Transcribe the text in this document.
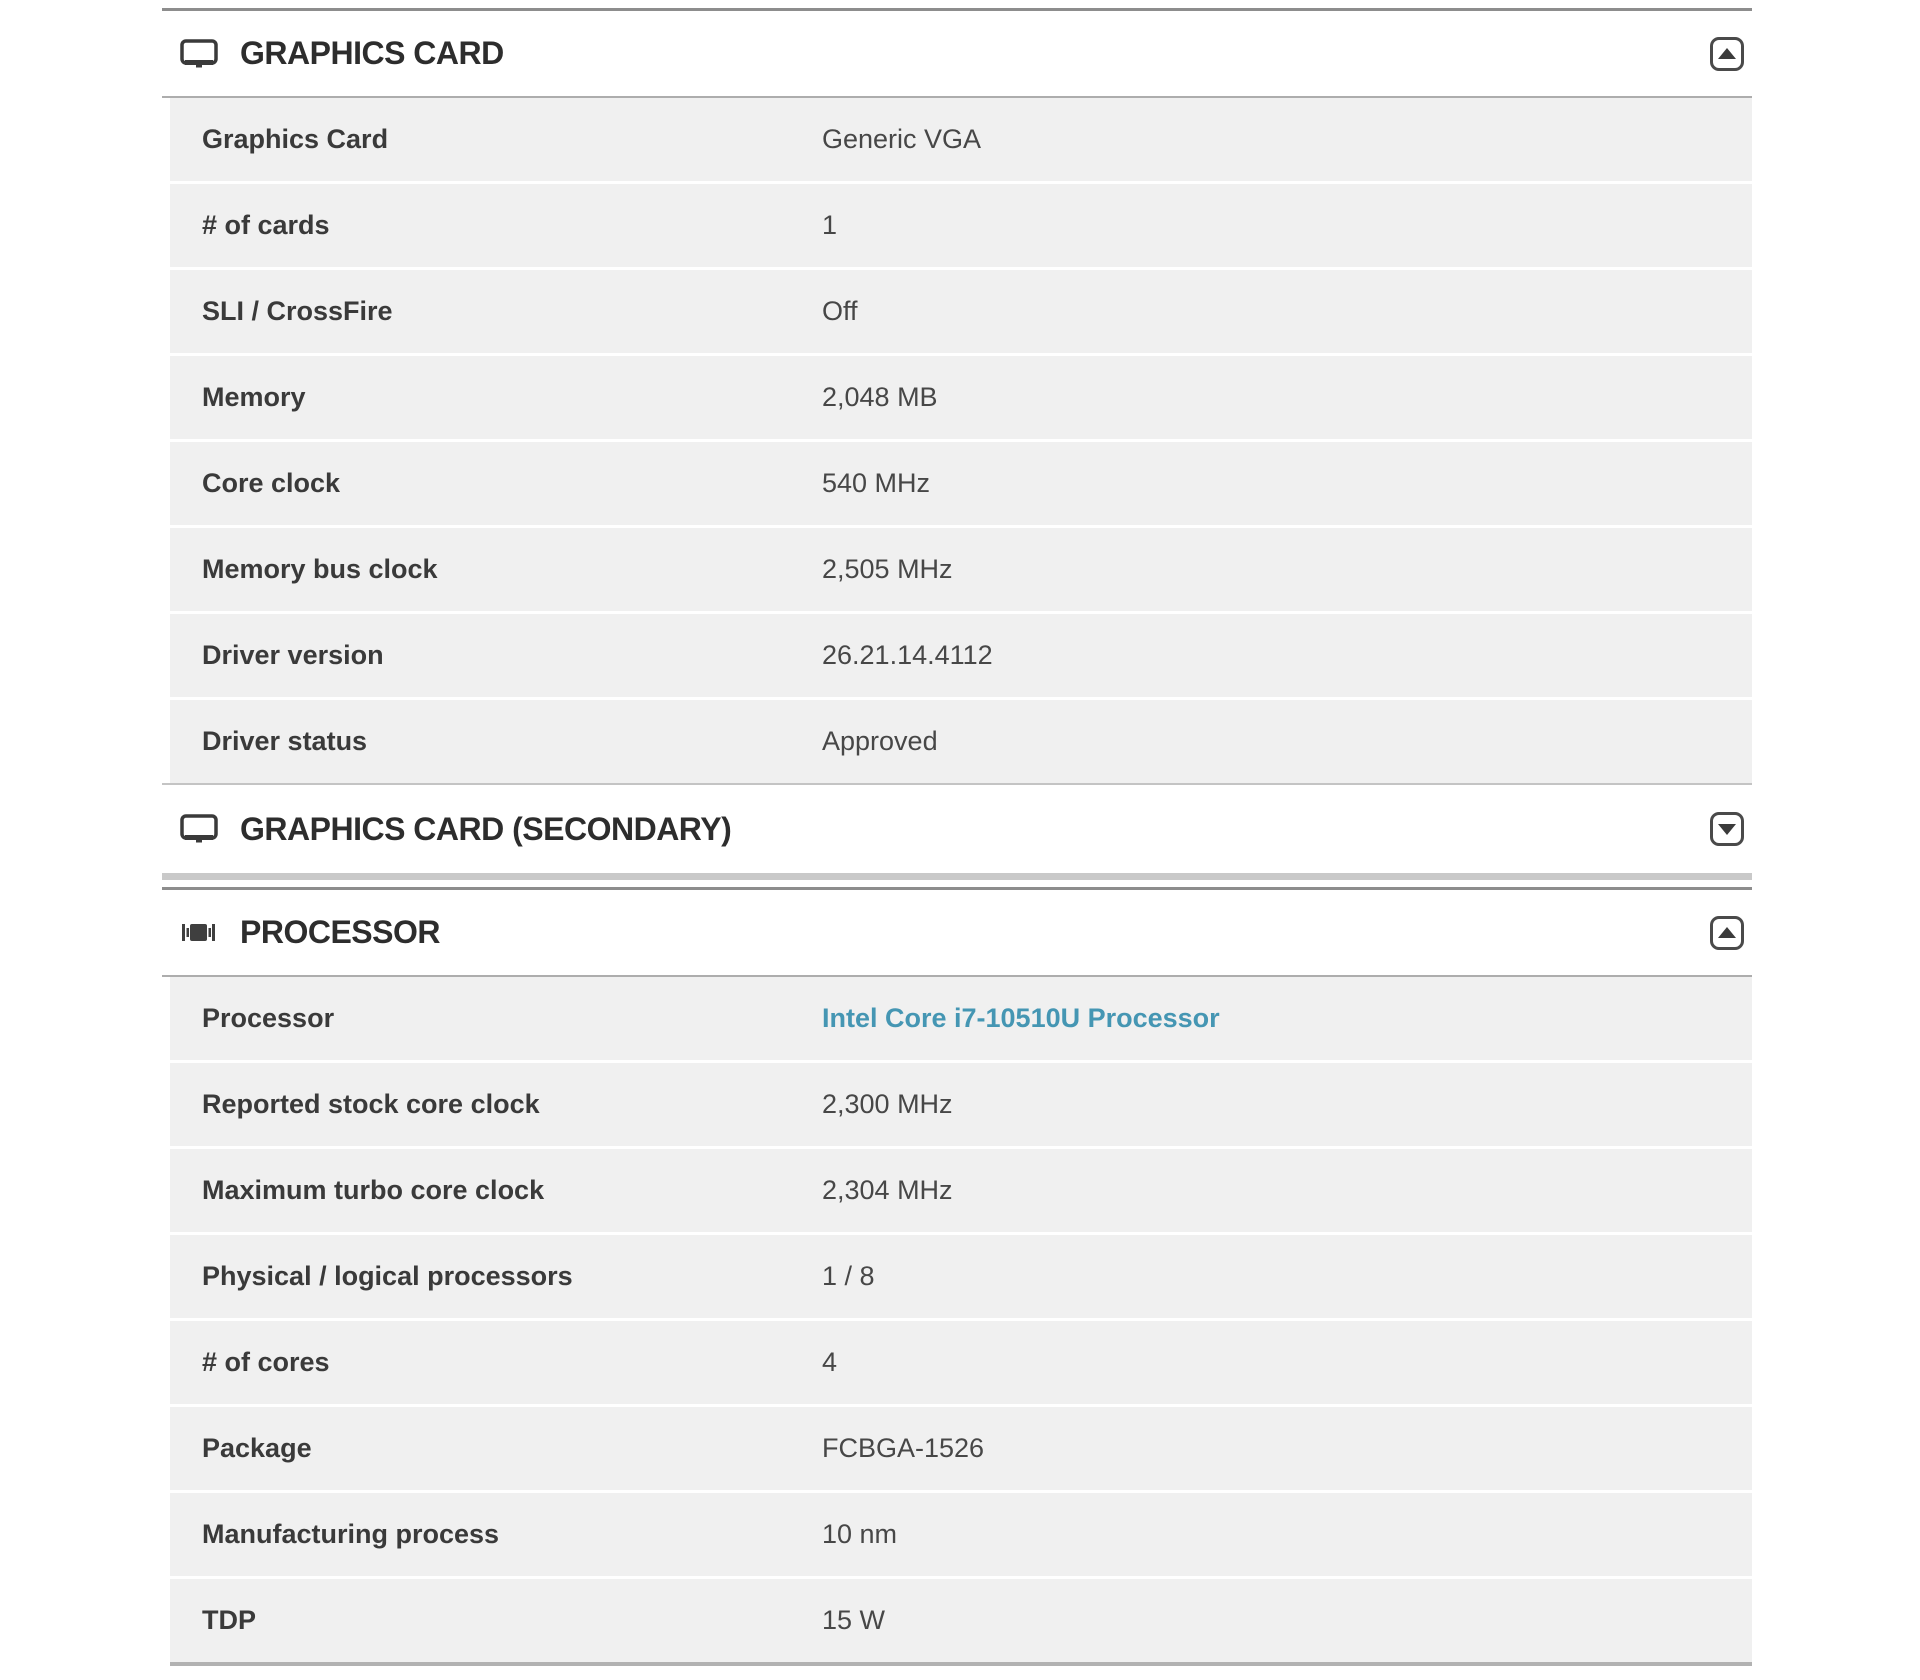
GRAPHICS CARD
Graphics Card	Generic VGA
# of cards	1
SLI / CrossFire	Off
Memory	2,048 MB
Core clock	540 MHz
Memory bus clock	2,505 MHz
Driver version	26.21.14.4112
Driver status	Approved
GRAPHICS CARD (SECONDARY)
PROCESSOR
Processor	Intel Core i7-10510U Processor
Reported stock core clock	2,300 MHz
Maximum turbo core clock	2,304 MHz
Physical / logical processors	1 / 8
# of cores	4
Package	FCBGA-1526
Manufacturing process	10 nm
TDP	15 W
